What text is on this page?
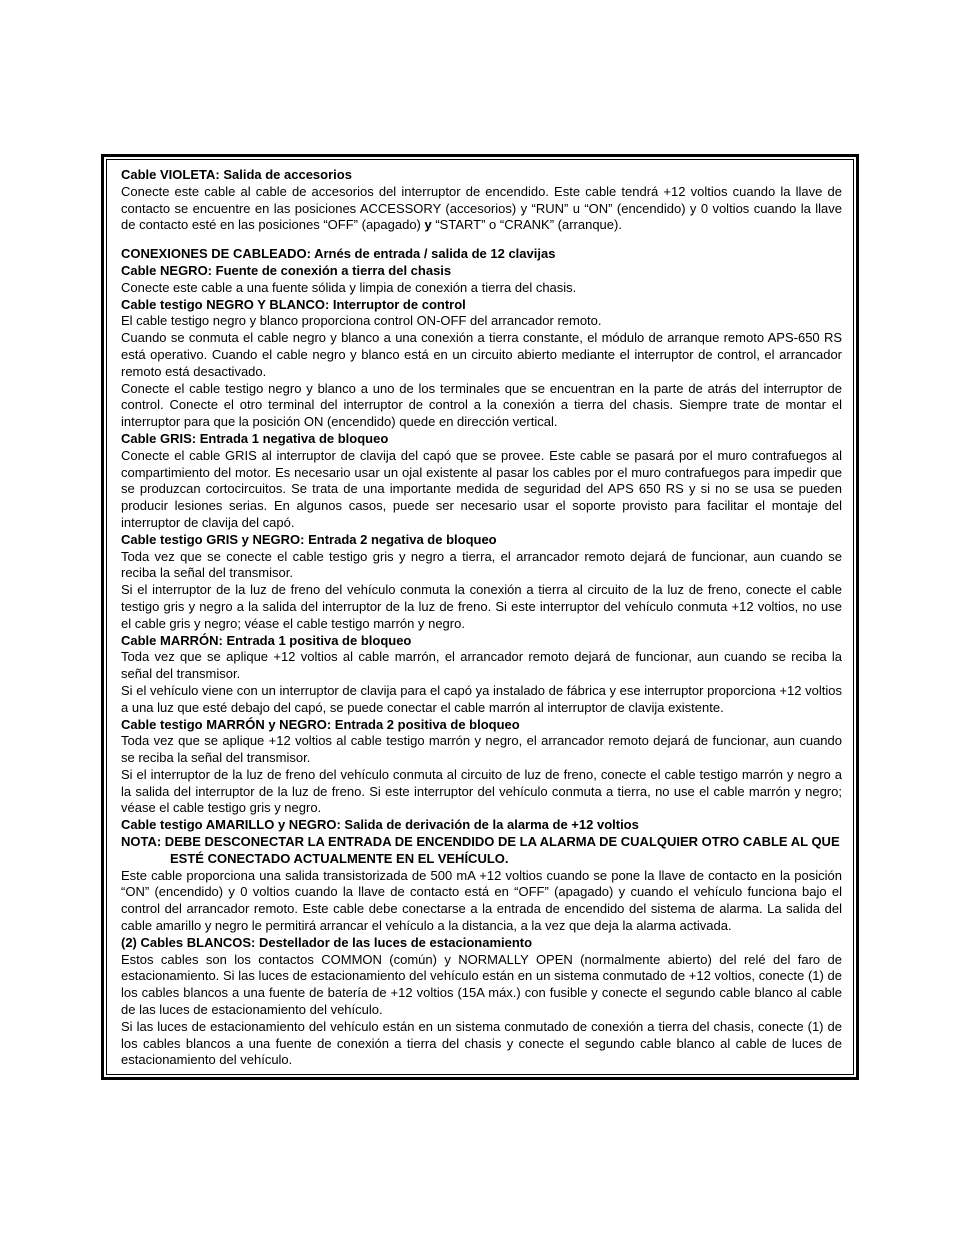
Cable VIOLETA: Salida de accesorios

Conecte este cable al cable de accesorios del interruptor de encendido. Este cable tendrá +12 voltios cuando la llave de contacto se encuentre en las posiciones ACCESSORY (accesorios) y “RUN” u “ON” (encendido) y 0 voltios cuando la llave de contacto esté en las posiciones “OFF” (apagado) y “START” o “CRANK” (arranque).

CONEXIONES DE CABLEADO: Arnés de entrada / salida de 12 clavijas

Cable NEGRO: Fuente de conexión a tierra del chasis

Conecte este cable a una fuente sólida y limpia de conexión a tierra del chasis.

Cable testigo NEGRO Y BLANCO: Interruptor de control

El cable testigo negro y blanco proporciona control ON-OFF del arrancador remoto.

Cuando se conmuta el cable negro y blanco a una conexión a tierra constante, el módulo de arranque remoto APS-650 RS está operativo. Cuando el cable negro y blanco está en un circuito abierto mediante el interruptor de control, el arrancador remoto está desactivado.

Conecte el cable testigo negro y blanco a uno de los terminales que se encuentran en la parte de atrás del interruptor de control. Conecte el otro terminal del interruptor de control a la conexión a tierra del chasis. Siempre trate de montar el interruptor para que la posición ON (encendido) quede en dirección vertical.

Cable GRIS: Entrada 1 negativa de bloqueo

Conecte el cable GRIS al interruptor de clavija del capó que se provee. Este cable se pasará por el muro contrafuegos al compartimiento del motor. Es necesario usar un ojal existente al pasar los cables por el muro contrafuegos para impedir que se produzcan cortocircuitos. Se trata de una importante medida de seguridad del APS 650 RS y si no se usa se pueden producir lesiones serias. En algunos casos, puede ser necesario usar el soporte provisto para facilitar el montaje del interruptor de clavija del capó.

Cable testigo GRIS y NEGRO: Entrada 2 negativa de bloqueo

Toda vez que se conecte el cable testigo gris y negro a tierra, el arrancador remoto dejará de funcionar, aun cuando se reciba la señal del transmisor.

Si el interruptor de la luz de freno del vehículo conmuta la conexión a tierra al circuito de la luz de freno, conecte el cable testigo gris y negro a la salida del interruptor de la luz de freno. Si este interruptor del vehículo conmuta +12 voltios, no use el cable gris y negro; véase el cable testigo marrón y negro.

Cable MARRÓN: Entrada 1 positiva de bloqueo

Toda vez que se aplique +12 voltios al cable marrón, el arrancador remoto dejará de funcionar, aun cuando se reciba la señal del transmisor.

Si el vehículo viene con un interruptor de clavija para el capó ya instalado de fábrica y ese interruptor proporciona +12 voltios a una luz que esté debajo del capó, se puede conectar el cable marrón al interruptor de clavija existente.

Cable testigo MARRÓN y NEGRO: Entrada 2 positiva de bloqueo

Toda vez que se aplique +12 voltios al cable testigo marrón y negro, el arrancador remoto dejará de funcionar, aun cuando se reciba la señal del transmisor.

Si el interruptor de la luz de freno del vehículo conmuta al circuito de luz de freno, conecte el cable testigo marrón y negro a la salida del interruptor de la luz de freno. Si este interruptor del vehículo conmuta a tierra, no use el cable marrón y negro; véase el cable testigo gris y negro.

Cable testigo AMARILLO y NEGRO: Salida de derivación de la alarma de +12 voltios

NOTA: DEBE DESCONECTAR LA ENTRADA DE ENCENDIDO DE LA ALARMA DE CUALQUIER OTRO CABLE AL QUE ESTÉ CONECTADO ACTUALMENTE EN EL VEHÍCULO.

Este cable proporciona una salida transistorizada de 500 mA +12 voltios cuando se pone la llave de contacto en la posición “ON” (encendido) y 0 voltios cuando la llave de contacto está en “OFF” (apagado) y cuando el vehículo funciona bajo el control del arrancador remoto. Este cable debe conectarse a la entrada de encendido del sistema de alarma. La salida del cable amarillo y negro le permitirá arrancar el vehículo a la distancia, a la vez que deja la alarma activada.

(2) Cables BLANCOS: Destellador de las luces de estacionamiento

Estos cables son los contactos COMMON (común) y NORMALLY OPEN (normalmente abierto) del relé del faro de estacionamiento. Si las luces de estacionamiento del vehículo están en un sistema conmutado de +12 voltios, conecte (1) de los cables blancos a una fuente de batería de +12 voltios (15A máx.) con fusible y conecte el segundo cable blanco al cable de las luces de estacionamiento del vehículo.

Si las luces de estacionamiento del vehículo están en un sistema conmutado de conexión a tierra del chasis, conecte (1) de los cables blancos a una fuente de conexión a tierra del chasis y conecte el segundo cable blanco al cable de luces de estacionamiento del vehículo.
